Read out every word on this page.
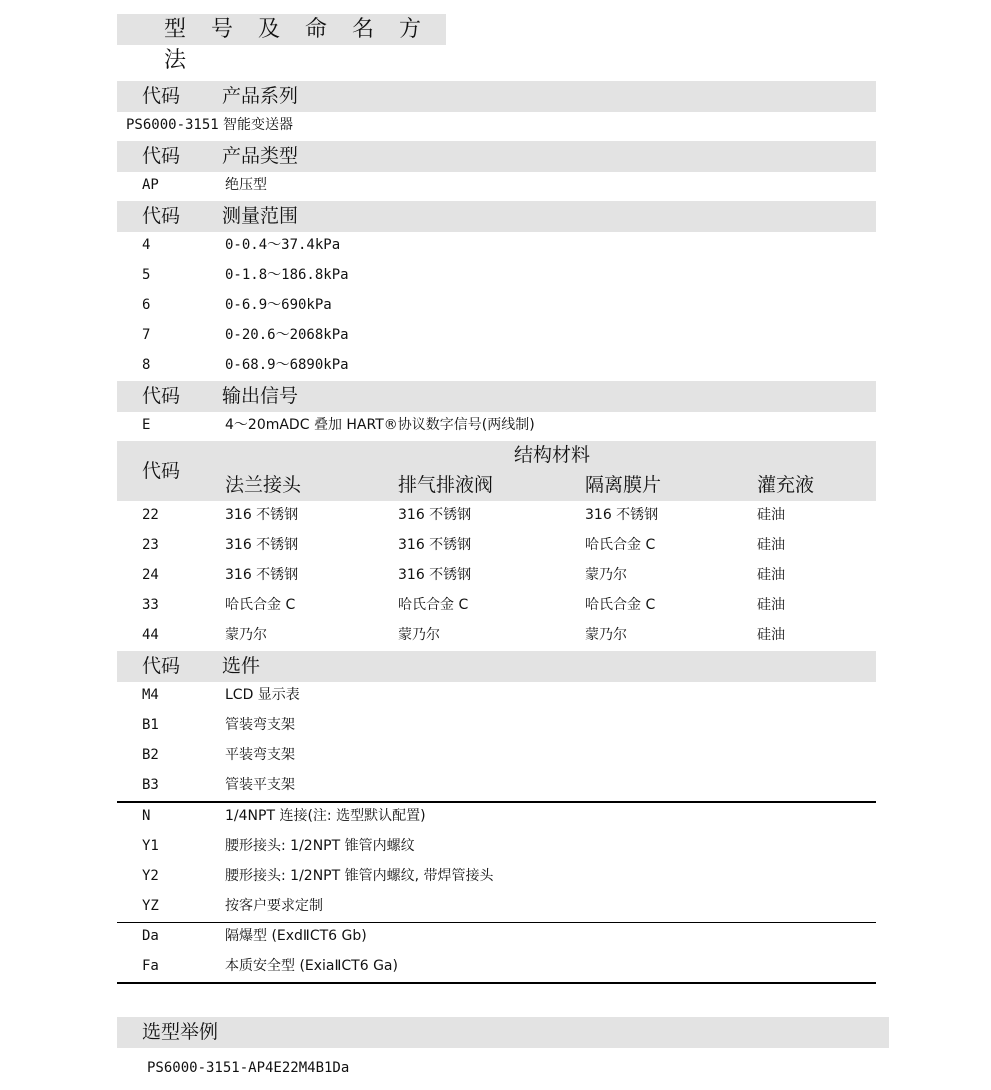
型 号 及 命 名 方 法
代码 产品系列
PS6000-3151 智能变送器
代码 产品类型
AP	绝压型
代码 测量范围
4	0-0.4～37.4kPa
5	0-1.8～186.8kPa
6	0-6.9～690kPa
7	0-20.6～2068kPa
8	0-68.9～6890kPa
代码 输出信号
E	4～20mADC 叠加 HART®协议数字信号(两线制)
代码
结构材料
法兰接头	排气排液阀	隔离膜片	灌充液
22	316 不锈钢	316 不锈钢	316 不锈钢	硅油
23	316 不锈钢	316 不锈钢	哈氏合金 C	硅油
24	316 不锈钢	316 不锈钢	蒙乃尔	硅油
33	哈氏合金 C	哈氏合金 C	哈氏合金 C	硅油
44	蒙乃尔	蒙乃尔	蒙乃尔	硅油
代码 选件
M4	LCD 显示表
B1	管装弯支架
B2	平装弯支架
B3	管装平支架
N	1/4NPT 连接(注: 选型默认配置)
Y1	腰形接头: 1/2NPT 锥管内螺纹
Y2	腰形接头: 1/2NPT 锥管内螺纹, 带焊管接头
YZ	按客户要求定制
Da	隔爆型 (ExdⅡCT6 Gb)
Fa	本质安全型 (ExiaⅡCT6 Ga)
选型举例
PS6000-3151-AP4E22M4B1Da
